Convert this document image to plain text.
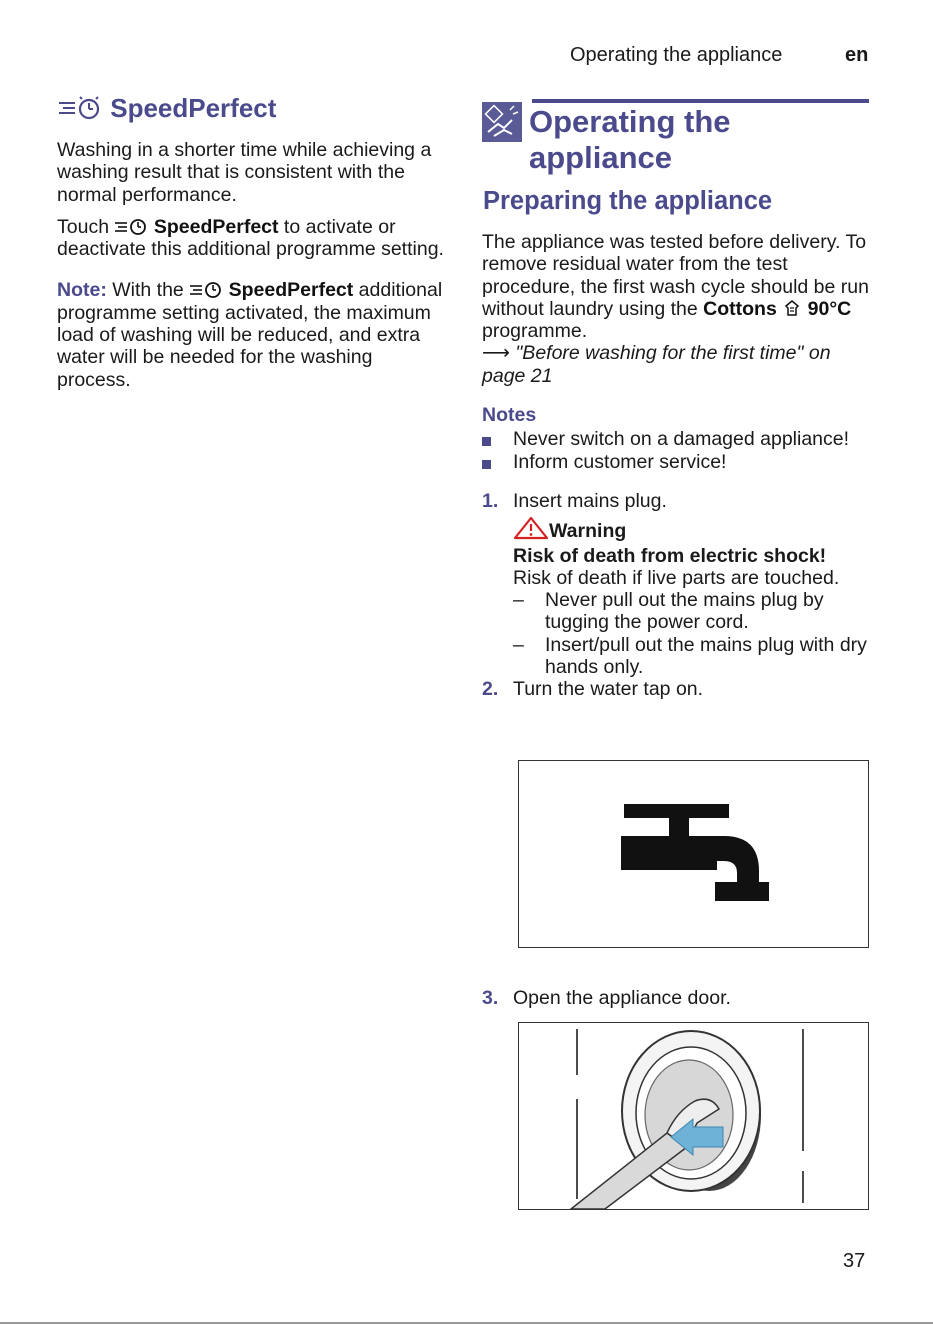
Operating the appliance	en
SpeedPerfect

Washing in a shorter time while achieving a washing result that is consistent with the normal performance.

Touch  SpeedPerfect to activate or deactivate this additional programme setting.

Note: With the  SpeedPerfect additional programme setting activated, the maximum load of washing will be reduced, and extra water will be needed for the washing process.

Operating the
appliance
Preparing the appliance

The appliance was tested before delivery. To remove residual water from the test procedure, the first wash cycle should be run without laundry using the Cottons 90°C programme.

⟶ "Before washing for the first time" on page 21

Notes
Never switch on a damaged appliance!
Inform customer service!
1. Insert mains plug.
Warning
Risk of death from electric shock!
Risk of death if live parts are touched.
– Never pull out the mains plug by tugging the power cord.
– Insert/pull out the mains plug with dry hands only.
2. Turn the water tap on.
3. Open the appliance door.
37
